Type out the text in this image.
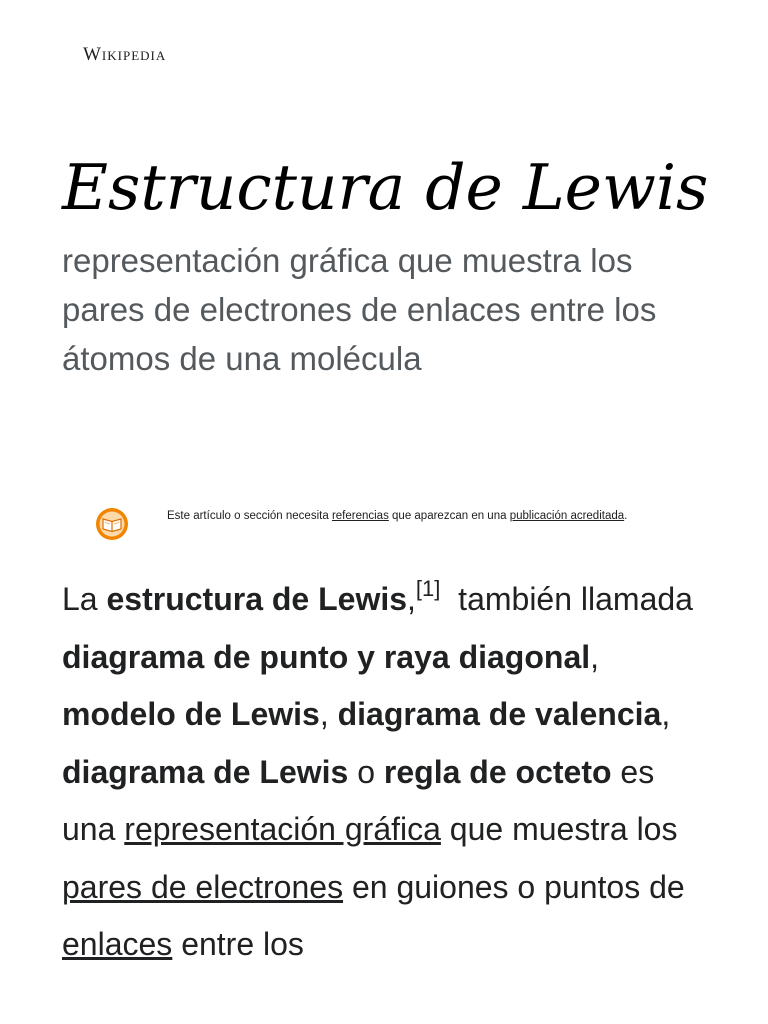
Wikipedia
Estructura de Lewis

representación gráfica que muestra los pares de electrones de enlaces entre los átomos de una molécula

Este artículo o sección necesita referencias que aparezcan en una publicación acreditada.

La estructura de Lewis,[1] también llamada diagrama de punto y raya diagonal, modelo de Lewis, diagrama de valencia, diagrama de Lewis o regla de octeto es una representación gráfica que muestra los pares de electrones en guiones o puntos de enlaces entre los
